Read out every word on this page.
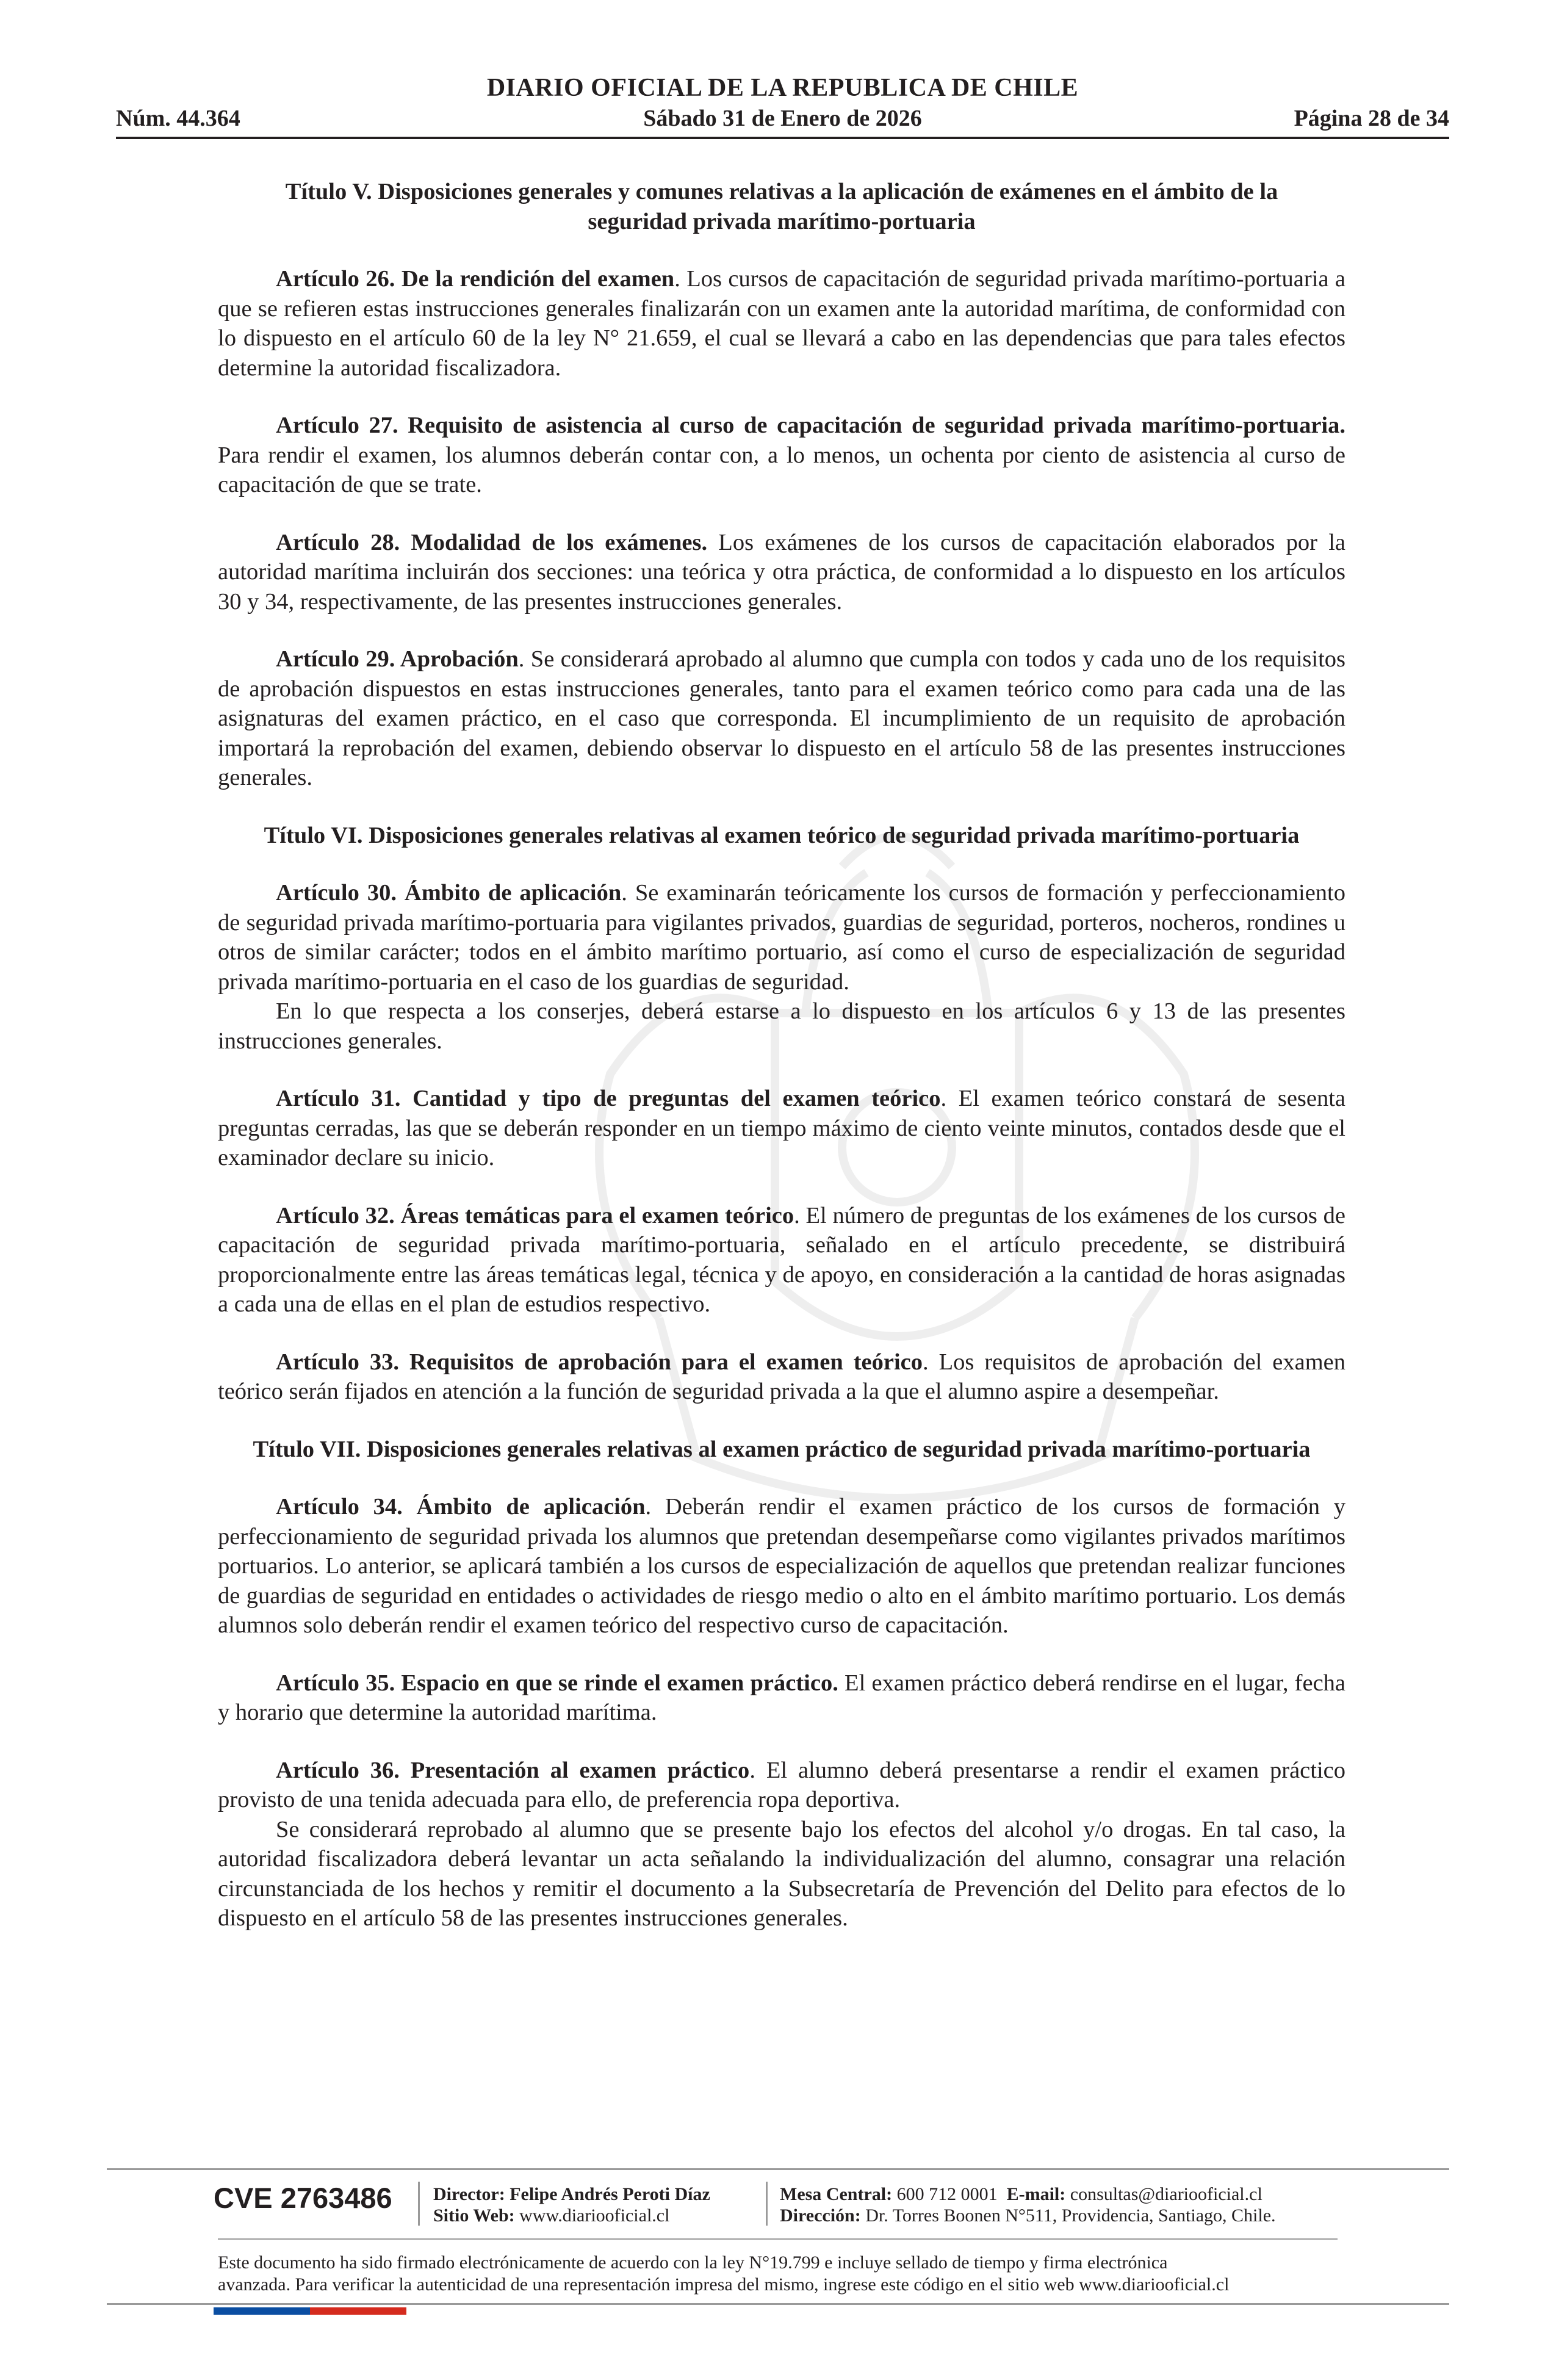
DIARIO OFICIAL DE LA REPUBLICA DE CHILE
Núm. 44.364	Sábado 31 de Enero de 2026	Página 28 de 34
Título V. Disposiciones generales y comunes relativas a la aplicación de exámenes en el ámbito de la seguridad privada marítimo-portuaria

Artículo 26. De la rendición del examen. Los cursos de capacitación de seguridad privada marítimo-portuaria a que se refieren estas instrucciones generales finalizarán con un examen ante la autoridad marítima, de conformidad con lo dispuesto en el artículo 60 de la ley N° 21.659, el cual se llevará a cabo en las dependencias que para tales efectos determine la autoridad fiscalizadora.

Artículo 27. Requisito de asistencia al curso de capacitación de seguridad privada marítimo-portuaria. Para rendir el examen, los alumnos deberán contar con, a lo menos, un ochenta por ciento de asistencia al curso de capacitación de que se trate.

Artículo 28. Modalidad de los exámenes. Los exámenes de los cursos de capacitación elaborados por la autoridad marítima incluirán dos secciones: una teórica y otra práctica, de conformidad a lo dispuesto en los artículos 30 y 34, respectivamente, de las presentes instrucciones generales.

Artículo 29. Aprobación. Se considerará aprobado al alumno que cumpla con todos y cada uno de los requisitos de aprobación dispuestos en estas instrucciones generales, tanto para el examen teórico como para cada una de las asignaturas del examen práctico, en el caso que corresponda. El incumplimiento de un requisito de aprobación importará la reprobación del examen, debiendo observar lo dispuesto en el artículo 58 de las presentes instrucciones generales.

Título VI. Disposiciones generales relativas al examen teórico de seguridad privada marítimo-portuaria

Artículo 30. Ámbito de aplicación. Se examinarán teóricamente los cursos de formación y perfeccionamiento de seguridad privada marítimo-portuaria para vigilantes privados, guardias de seguridad, porteros, nocheros, rondines u otros de similar carácter; todos en el ámbito marítimo portuario, así como el curso de especialización de seguridad privada marítimo-portuaria en el caso de los guardias de seguridad.

En lo que respecta a los conserjes, deberá estarse a lo dispuesto en los artículos 6 y 13 de las presentes instrucciones generales.

Artículo 31. Cantidad y tipo de preguntas del examen teórico. El examen teórico constará de sesenta preguntas cerradas, las que se deberán responder en un tiempo máximo de ciento veinte minutos, contados desde que el examinador declare su inicio.

Artículo 32. Áreas temáticas para el examen teórico. El número de preguntas de los exámenes de los cursos de capacitación de seguridad privada marítimo-portuaria, señalado en el artículo precedente, se distribuirá proporcionalmente entre las áreas temáticas legal, técnica y de apoyo, en consideración a la cantidad de horas asignadas a cada una de ellas en el plan de estudios respectivo.

Artículo 33. Requisitos de aprobación para el examen teórico. Los requisitos de aprobación del examen teórico serán fijados en atención a la función de seguridad privada a la que el alumno aspire a desempeñar.

Título VII. Disposiciones generales relativas al examen práctico de seguridad privada marítimo-portuaria

Artículo 34. Ámbito de aplicación. Deberán rendir el examen práctico de los cursos de formación y perfeccionamiento de seguridad privada los alumnos que pretendan desempeñarse como vigilantes privados marítimos portuarios. Lo anterior, se aplicará también a los cursos de especialización de aquellos que pretendan realizar funciones de guardias de seguridad en entidades o actividades de riesgo medio o alto en el ámbito marítimo portuario. Los demás alumnos solo deberán rendir el examen teórico del respectivo curso de capacitación.

Artículo 35. Espacio en que se rinde el examen práctico. El examen práctico deberá rendirse en el lugar, fecha y horario que determine la autoridad marítima.

Artículo 36. Presentación al examen práctico. El alumno deberá presentarse a rendir el examen práctico provisto de una tenida adecuada para ello, de preferencia ropa deportiva.

Se considerará reprobado al alumno que se presente bajo los efectos del alcohol y/o drogas. En tal caso, la autoridad fiscalizadora deberá levantar un acta señalando la individualización del alumno, consagrar una relación circunstanciada de los hechos y remitir el documento a la Subsecretaría de Prevención del Delito para efectos de lo dispuesto en el artículo 58 de las presentes instrucciones generales.

CVE 2763486 Director: Felipe Andrés Peroti Díaz
Sitio Web: www.diariooficial.cl
Mesa Central: 600 712 0001 E-mail: consultas@diariooficial.cl
Dirección: Dr. Torres Boonen N°511, Providencia, Santiago, Chile.

Este documento ha sido firmado electrónicamente de acuerdo con la ley N°19.799 e incluye sellado de tiempo y firma electrónica

avanzada. Para verificar la autenticidad de una representación impresa del mismo, ingrese este código en el sitio web www.diariooficial.cl
